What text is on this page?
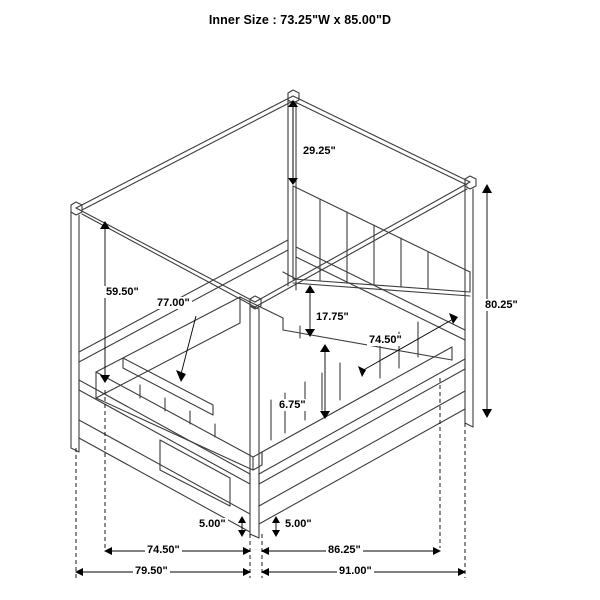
Inner Size : 73.25"W x 85.00"D
29.25"
59.50"
77.00"	80.25"
17.75"
74.50"
6.75"
5.00"	5.00"
74.50"	86.25"
79.50"	91.00"
